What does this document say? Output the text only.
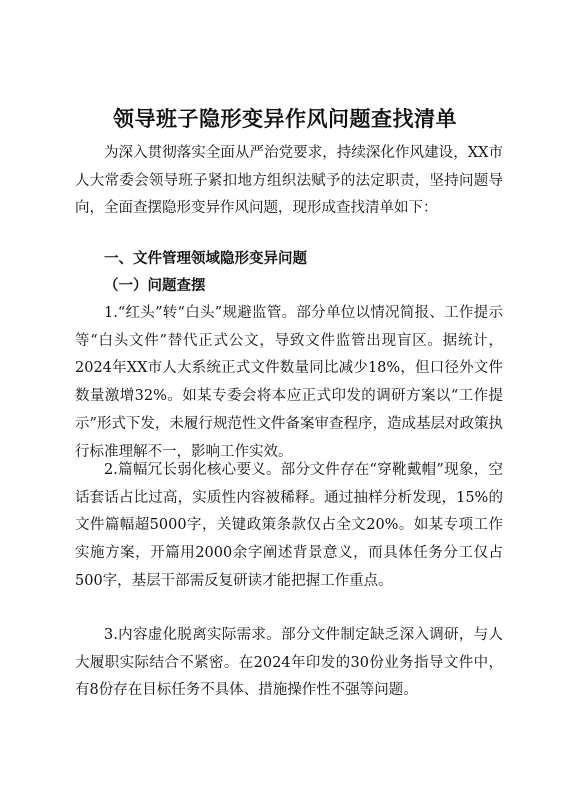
领导班子隐形变异作风问题查找清单

为深入贯彻落实全面从严治党要求，持续深化作风建设，XX市人大常委会领导班子紧扣地方组织法赋予的法定职责，坚持问题导向，全面查摆隐形变异作风问题，现形成查找清单如下：

一、文件管理领域隐形变异问题

（一）问题查摆

1.“红头”转“白头”规避监管。部分单位以情况简报、工作提示等“白头文件”替代正式公文，导致文件监管出现盲区。据统计，2024年XX市人大系统正式文件数量同比减少18%，但口径外文件数量激增32%。如某专委会将本应正式印发的调研方案以“工作提示”形式下发，未履行规范性文件备案审查程序，造成基层对政策执行标准理解不一，影响工作实效。

2.篇幅冗长弱化核心要义。部分文件存在“穿靴戴帽”现象，空话套话占比过高，实质性内容被稀释。通过抽样分析发现，15%的文件篇幅超5000字，关键政策条款仅占全文20%。如某专项工作实施方案，开篇用2000余字阐述背景意义，而具体任务分工仅占500字，基层干部需反复研读才能把握工作重点。

3.内容虚化脱离实际需求。部分文件制定缺乏深入调研，与人大履职实际结合不紧密。在2024年印发的30份业务指导文件中，有8份存在目标任务不具体、措施操作性不强等问题。
